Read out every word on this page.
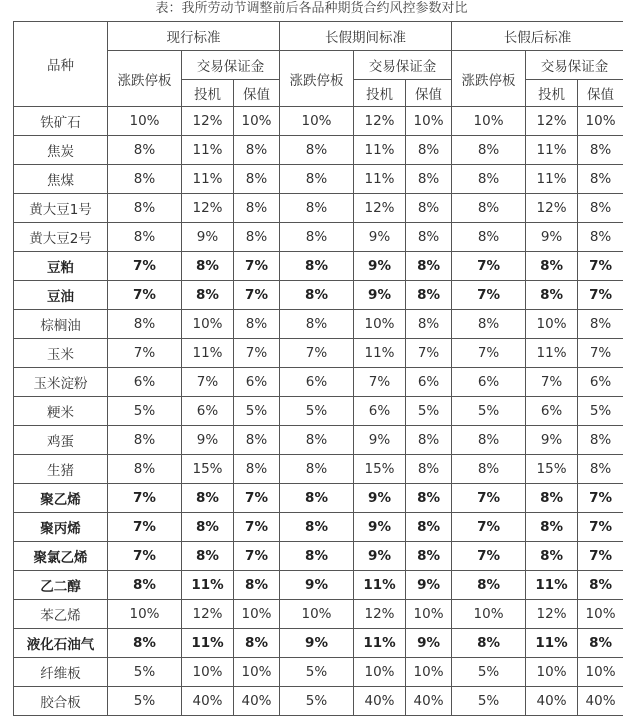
表：我所劳动节调整前后各品种期货合约风控参数对比
品种	现行标准			长假期间标准			长假后标准		
	涨跌停板	交易保证金		涨跌停板	交易保证金		涨跌停板	交易保证金	
		投机	保值		投机	保值		投机	保值
铁矿石	10%	12%	10%	10%	12%	10%	10%	12%	10%
焦炭	8%	11%	8%	8%	11%	8%	8%	11%	8%
焦煤	8%	11%	8%	8%	11%	8%	8%	11%	8%
黄大豆1号	8%	12%	8%	8%	12%	8%	8%	12%	8%
黄大豆2号	8%	9%	8%	8%	9%	8%	8%	9%	8%
豆粕	7%	8%	7%	8%	9%	8%	7%	8%	7%
豆油	7%	8%	7%	8%	9%	8%	7%	8%	7%
棕榈油	8%	10%	8%	8%	10%	8%	8%	10%	8%
玉米	7%	11%	7%	7%	11%	7%	7%	11%	7%
玉米淀粉	6%	7%	6%	6%	7%	6%	6%	7%	6%
粳米	5%	6%	5%	5%	6%	5%	5%	6%	5%
鸡蛋	8%	9%	8%	8%	9%	8%	8%	9%	8%
生猪	8%	15%	8%	8%	15%	8%	8%	15%	8%
聚乙烯	7%	8%	7%	8%	9%	8%	7%	8%	7%
聚丙烯	7%	8%	7%	8%	9%	8%	7%	8%	7%
聚氯乙烯	7%	8%	7%	8%	9%	8%	7%	8%	7%
乙二醇	8%	11%	8%	9%	11%	9%	8%	11%	8%
苯乙烯	10%	12%	10%	10%	12%	10%	10%	12%	10%
液化石油气	8%	11%	8%	9%	11%	9%	8%	11%	8%
纤维板	5%	10%	10%	5%	10%	10%	5%	10%	10%
胶合板	5%	40%	40%	5%	40%	40%	5%	40%	40%
